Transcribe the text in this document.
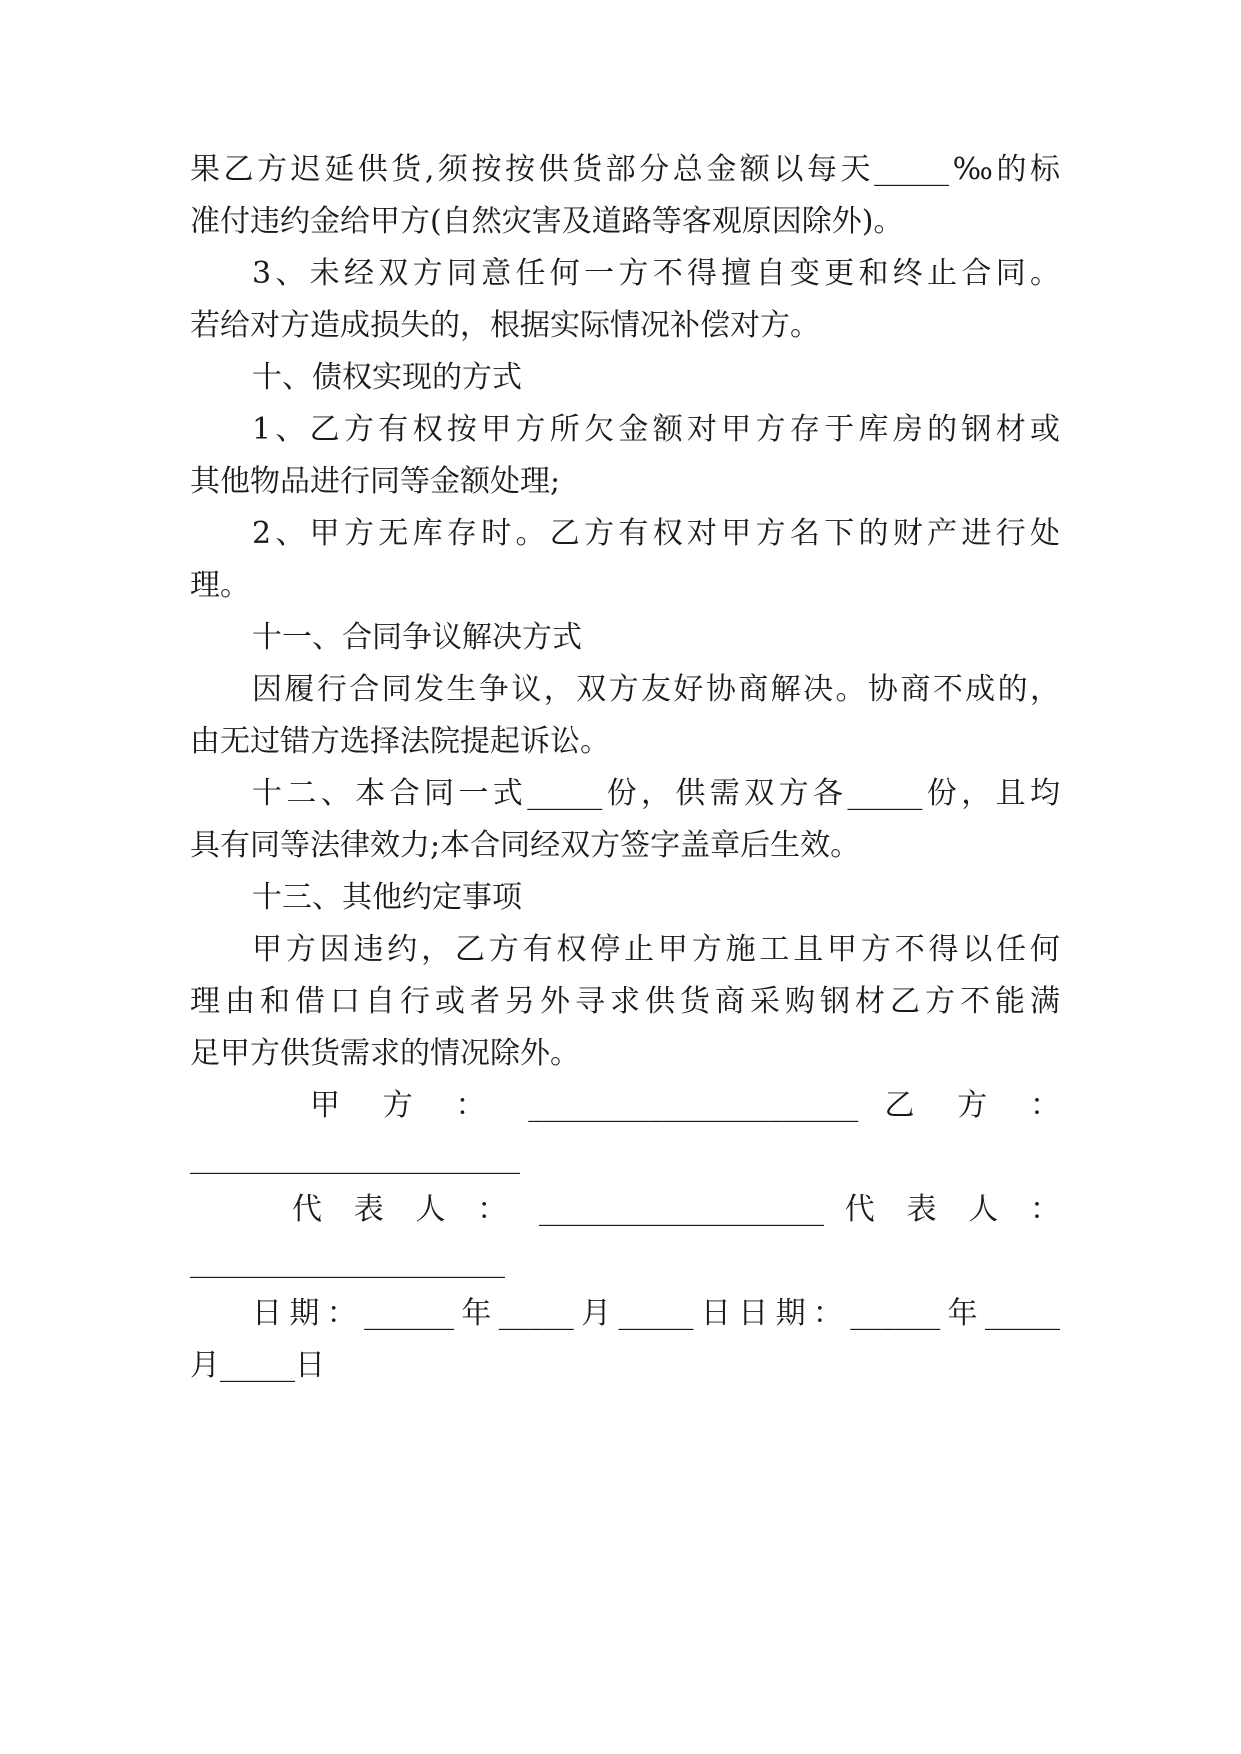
果乙方迟延供货,须按按供货部分总金额以每天_____‰的标
准付违约金给甲方(自然灾害及道路等客观原因除外)。
3、未经双方同意任何一方不得擅自变更和终止合同。
若给对方造成损失的，根据实际情况补偿对方。
十、债权实现的方式
1、乙方有权按甲方所欠金额对甲方存于库房的钢材或
其他物品进行同等金额处理;
2、甲方无库存时。乙方有权对甲方名下的财产进行处
理。
十一、合同争议解决方式
因履行合同发生争议，双方友好协商解决。协商不成的，
由无过错方选择法院提起诉讼。
十二、本合同一式_____份，供需双方各_____份，且均
具有同等法律效力;本合同经双方签字盖章后生效。
十三、其他约定事项
甲方因违约，乙方有权停止甲方施工且甲方不得以任何
理由和借口自行或者另外寻求供货商采购钢材乙方不能满
足甲方供货需求的情况除外。
甲 方 ： ______________________ 乙 方 ：
______________________
代 表 人 ： ___________________ 代 表 人 ：
_____________________
日期：______年_____月_____日日期：______年_____
月_____日
